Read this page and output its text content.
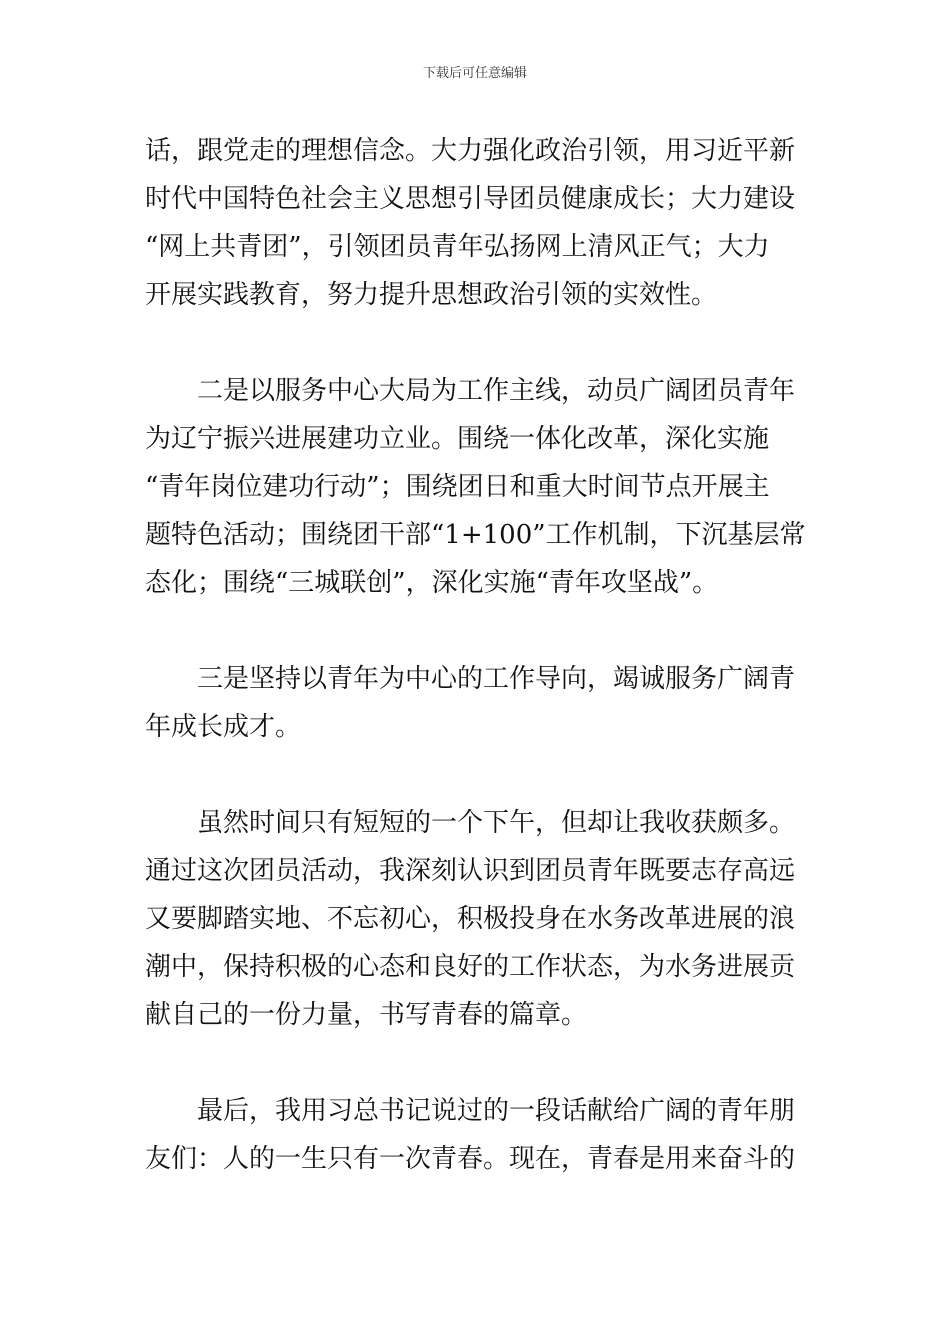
下载后可任意编辑

话，跟党走的理想信念。大力强化政治引领，用习近平新
时代中国特色社会主义思想引导团员健康成长；大力建设
“网上共青团”，引领团员青年弘扬网上清风正气；大力
开展实践教育，努力提升思想政治引领的实效性。

二是以服务中心大局为工作主线，动员广阔团员青年
为辽宁振兴进展建功立业。围绕一体化改革，深化实施
“青年岗位建功行动”；围绕团日和重大时间节点开展主
题特色活动；围绕团干部“1+100”工作机制，下沉基层常
态化；围绕“三城联创”，深化实施“青年攻坚战”。

三是坚持以青年为中心的工作导向，竭诚服务广阔青
年成长成才。

虽然时间只有短短的一个下午，但却让我收获颇多。
通过这次团员活动，我深刻认识到团员青年既要志存高远
又要脚踏实地、不忘初心，积极投身在水务改革进展的浪
潮中，保持积极的心态和良好的工作状态，为水务进展贡
献自己的一份力量，书写青春的篇章。

最后，我用习总书记说过的一段话献给广阔的青年朋
友们：人的一生只有一次青春。现在，青春是用来奋斗的
